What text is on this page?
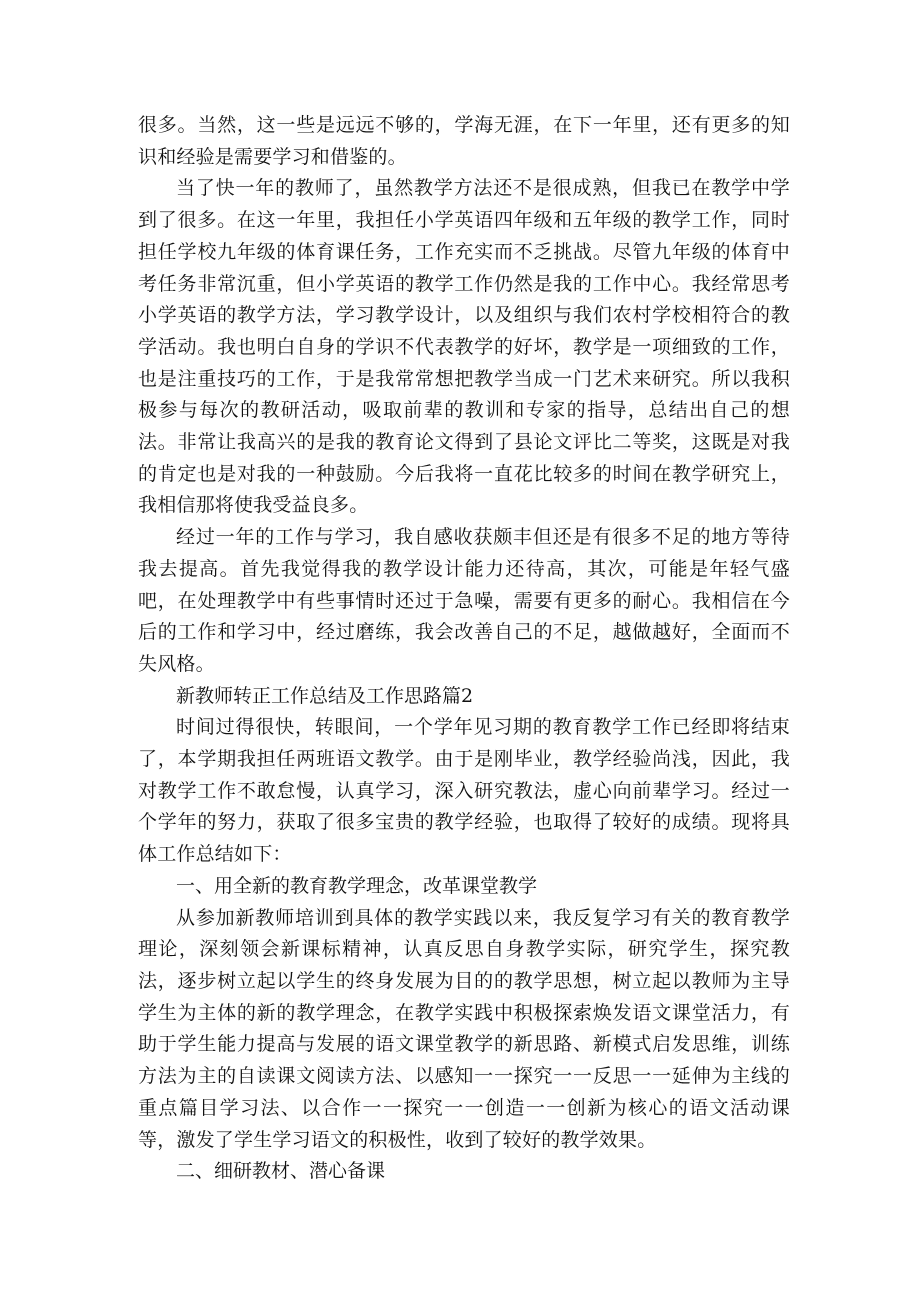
很多。当然，这一些是远远不够的，学海无涯，在下一年里，还有更多的知识和经验是需要学习和借鉴的。

当了快一年的教师了，虽然教学方法还不是很成熟，但我已在教学中学到了很多。在这一年里，我担任小学英语四年级和五年级的教学工作，同时担任学校九年级的体育课任务，工作充实而不乏挑战。尽管九年级的体育中考任务非常沉重，但小学英语的教学工作仍然是我的工作中心。我经常思考小学英语的教学方法，学习教学设计，以及组织与我们农村学校相符合的教学活动。我也明白自身的学识不代表教学的好坏，教学是一项细致的工作，也是注重技巧的工作，于是我常常想把教学当成一门艺术来研究。所以我积极参与每次的教研活动，吸取前辈的教训和专家的指导，总结出自己的想法。非常让我高兴的是我的教育论文得到了县论文评比二等奖，这既是对我的肯定也是对我的一种鼓励。今后我将一直花比较多的时间在教学研究上，我相信那将使我受益良多。

经过一年的工作与学习，我自感收获颇丰但还是有很多不足的地方等待我去提高。首先我觉得我的教学设计能力还待高，其次，可能是年轻气盛吧，在处理教学中有些事情时还过于急噪，需要有更多的耐心。我相信在今后的工作和学习中，经过磨练，我会改善自己的不足，越做越好，全面而不失风格。

新教师转正工作总结及工作思路篇2

时间过得很快，转眼间，一个学年见习期的教育教学工作已经即将结束了，本学期我担任两班语文教学。由于是刚毕业，教学经验尚浅，因此，我对教学工作不敢怠慢，认真学习，深入研究教法，虚心向前辈学习。经过一个学年的努力，获取了很多宝贵的教学经验，也取得了较好的成绩。现将具体工作总结如下：

一、用全新的教育教学理念，改革课堂教学

从参加新教师培训到具体的教学实践以来，我反复学习有关的教育教学理论，深刻领会新课标精神，认真反思自身教学实际，研究学生，探究教法，逐步树立起以学生的终身发展为目的的教学思想，树立起以教师为主导学生为主体的新的教学理念，在教学实践中积极探索焕发语文课堂活力，有助于学生能力提高与发展的语文课堂教学的新思路、新模式启发思维，训练方法为主的自读课文阅读方法、以感知一一探究一一反思一一延伸为主线的重点篇目学习法、以合作一一探究一一创造一一创新为核心的语文活动课等，激发了学生学习语文的积极性，收到了较好的教学效果。

二、细研教材、潜心备课
